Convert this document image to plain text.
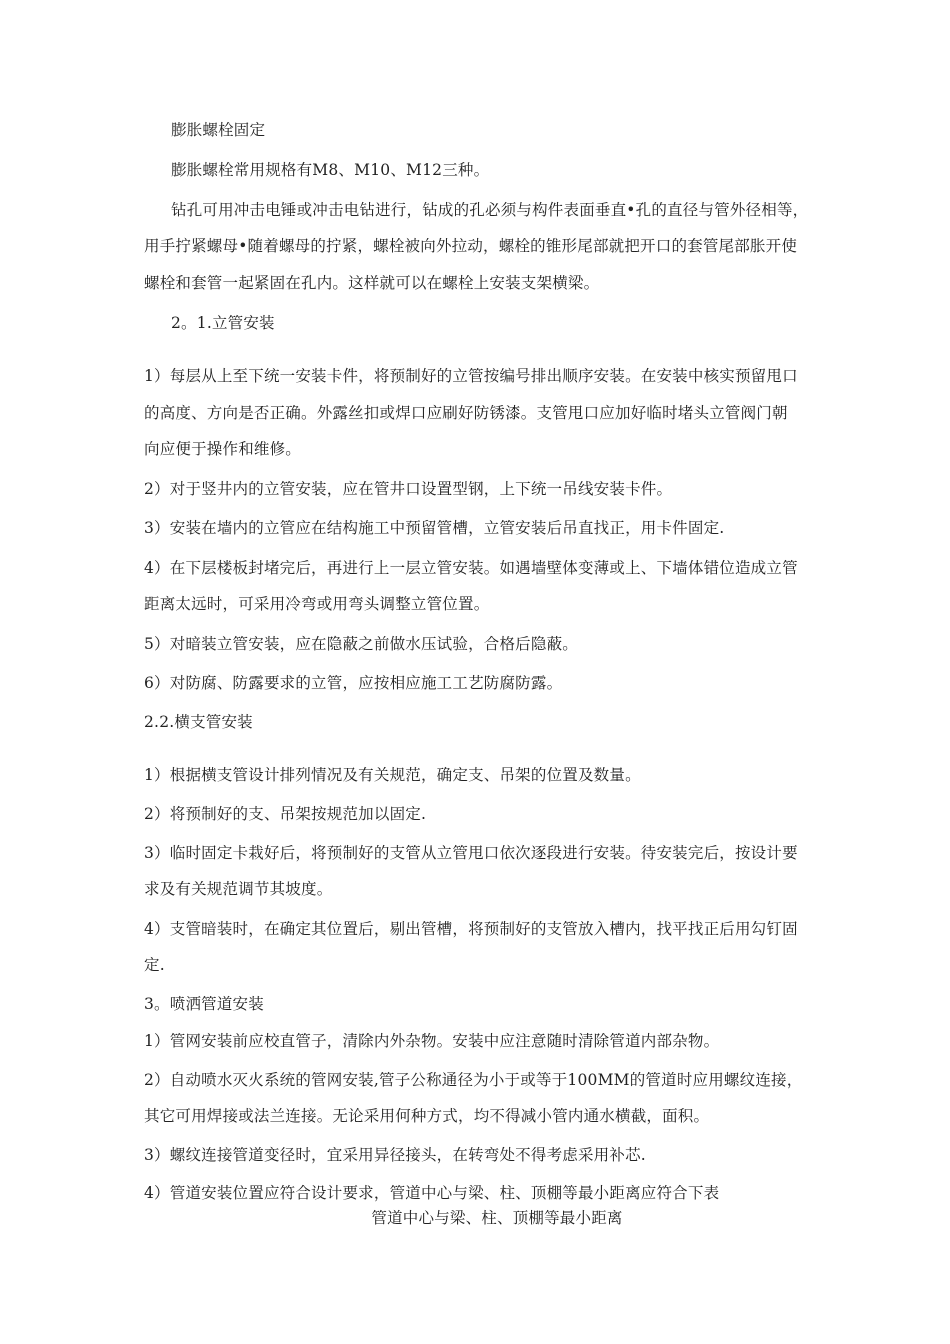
膨胀螺栓固定
膨胀螺栓常用规格有M8、M10、M12三种。
钻孔可用冲击电锤或冲击电钻进行，钻成的孔必须与构件表面垂直•孔的直径与管外径相等，
用手拧紧螺母•随着螺母的拧紧，螺栓被向外拉动，螺栓的锥形尾部就把开口的套管尾部胀开使
螺栓和套管一起紧固在孔内。这样就可以在螺栓上安装支架横梁。
2。1.立管安装
1）每层从上至下统一安装卡件，将预制好的立管按编号排出顺序安装。在安装中核实预留甩口
的高度、方向是否正确。外露丝扣或焊口应刷好防锈漆。支管甩口应加好临时堵头立管阀门朝
向应便于操作和维修。
2）对于竖井内的立管安装，应在管井口设置型钢，上下统一吊线安装卡件。
3）安装在墙内的立管应在结构施工中预留管槽，立管安装后吊直找正，用卡件固定.
4）在下层楼板封堵完后，再进行上一层立管安装。如遇墙壁体变薄或上、下墙体错位造成立管
距离太远时，可采用冷弯或用弯头调整立管位置。
5）对暗装立管安装，应在隐蔽之前做水压试验，合格后隐蔽。
6）对防腐、防露要求的立管，应按相应施工工艺防腐防露。
2.2.横支管安装
1）根据横支管设计排列情况及有关规范，确定支、吊架的位置及数量。
2）将预制好的支、吊架按规范加以固定.
3）临时固定卡栽好后，将预制好的支管从立管甩口依次逐段进行安装。待安装完后，按设计要
求及有关规范调节其坡度。
4）支管暗装时，在确定其位置后，剔出管槽，将预制好的支管放入槽内，找平找正后用勾钉固
定.
3。喷洒管道安装
1）管网安装前应校直管子，清除内外杂物。安装中应注意随时清除管道内部杂物。
2）自动喷水灭火系统的管网安装,管子公称通径为小于或等于100MM的管道时应用螺纹连接，
其它可用焊接或法兰连接。无论采用何种方式，均不得减小管内通水横截，面积。
3）螺纹连接管道变径时，宜采用异径接头，在转弯处不得考虑采用补芯.
4）管道安装位置应符合设计要求，管道中心与梁、柱、顶棚等最小距离应符合下表
管道中心与梁、柱、顶棚等最小距离
